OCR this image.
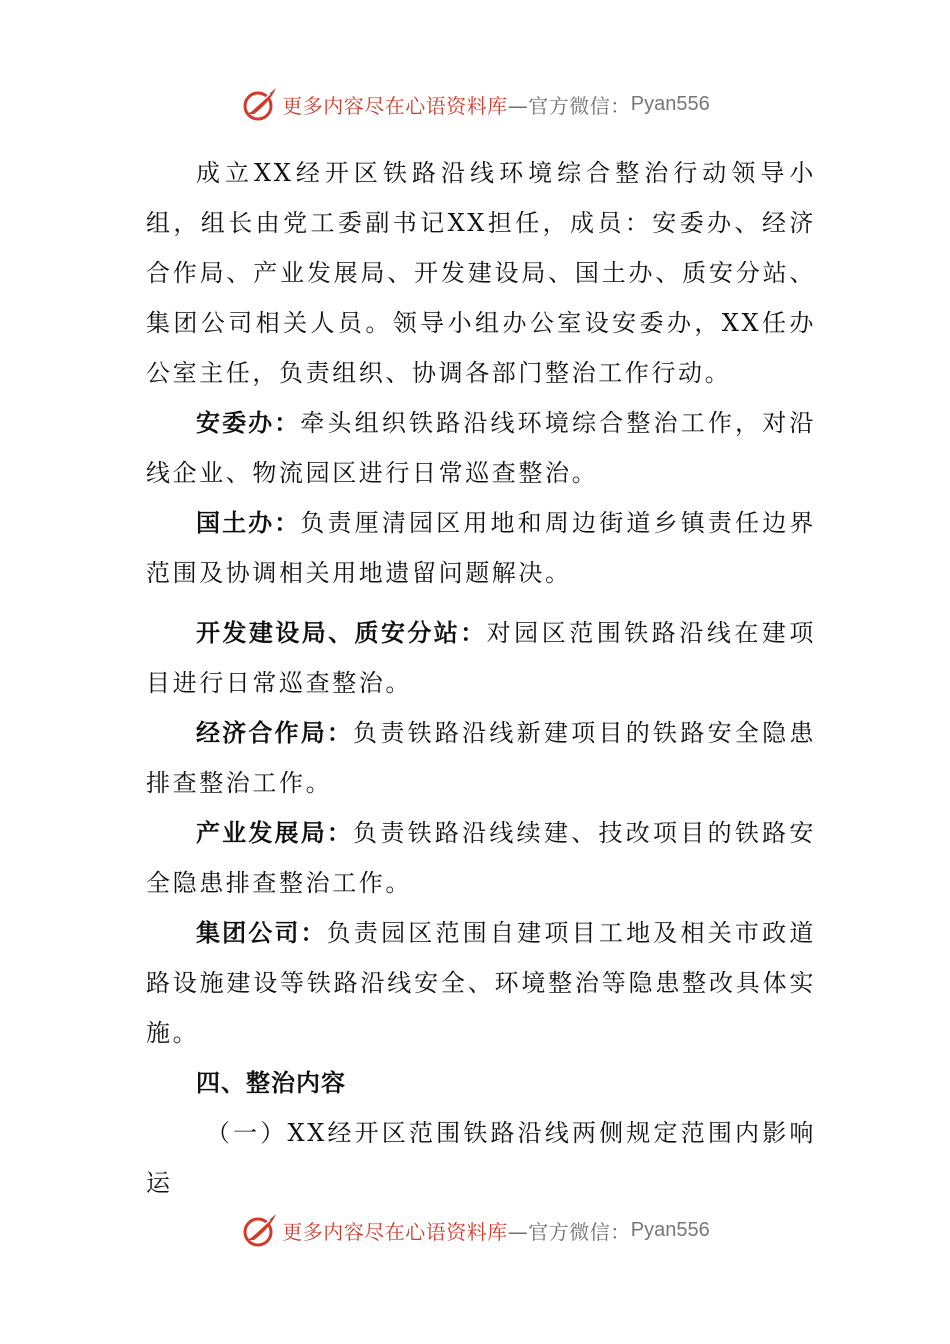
更多内容尽在心语资料库 —官方微信： Pyan556

成立XX经开区铁路沿线环境综合整治行动领导小组，组长由党工委副书记XX担任，成员：安委办、经济合作局、产业发展局、开发建设局、国土办、质安分站、集团公司相关人员。领导小组办公室设安委办，XX任办公室主任，负责组织、协调各部门整治工作行动。

安委办：牵头组织铁路沿线环境综合整治工作，对沿线企业、物流园区进行日常巡查整治。

国土办：负责厘清园区用地和周边街道乡镇责任边界范围及协调相关用地遗留问题解决。

开发建设局、质安分站：对园区范围铁路沿线在建项目进行日常巡查整治。

经济合作局：负责铁路沿线新建项目的铁路安全隐患排查整治工作。

产业发展局：负责铁路沿线续建、技改项目的铁路安全隐患排查整治工作。

集团公司：负责园区范围自建项目工地及相关市政道路设施建设等铁路沿线安全、环境整治等隐患整改具体实施。

四、整治内容

（一）XX经开区范围铁路沿线两侧规定范围内影响运

更多内容尽在心语资料库 —官方微信： Pyan556
